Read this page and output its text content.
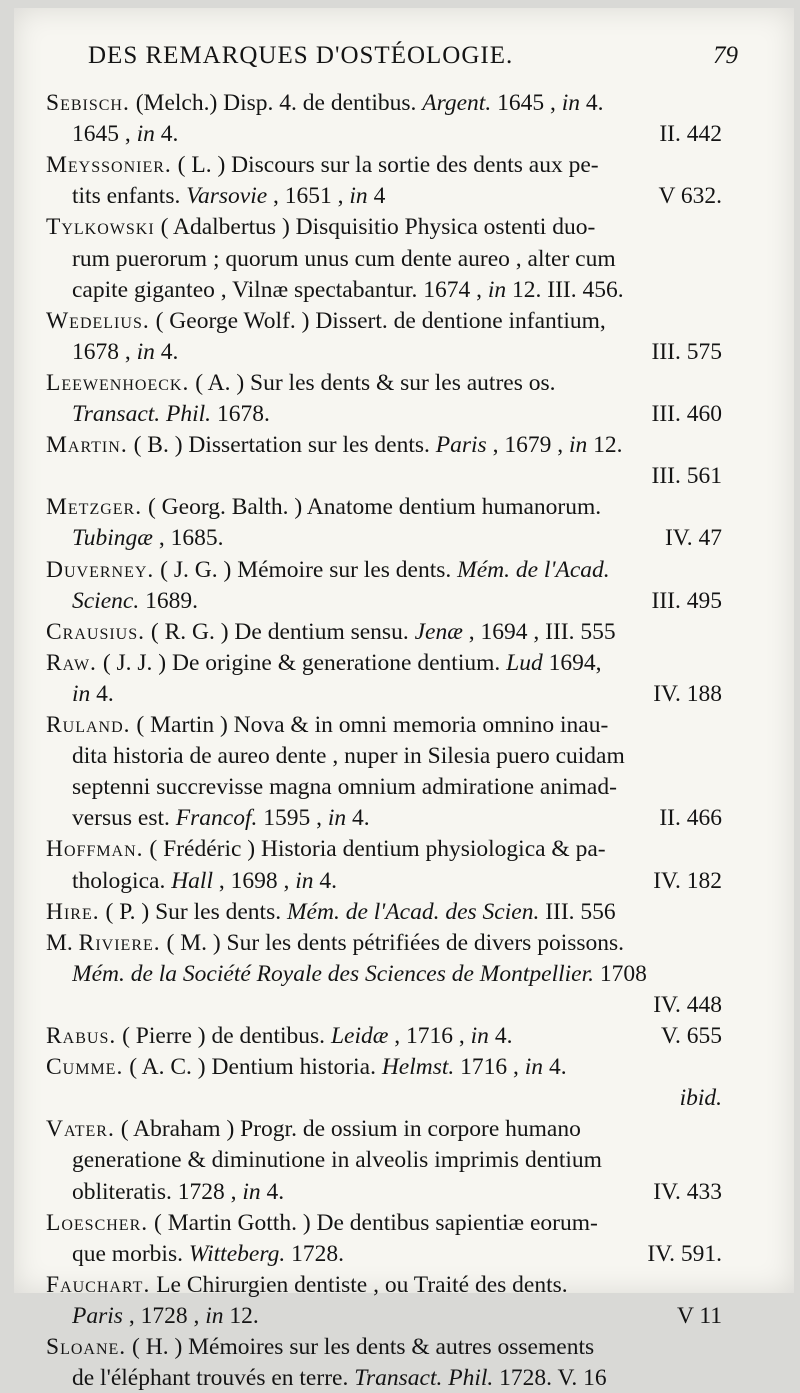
DES REMARQUES D'OSTÉOLOGIE.	79
Sebisch. (Melch.) Disp. 4. de dentibus. Argent. 1645 , in 4.
1645 , in 4.	II. 442
Meyssonier. ( L. ) Discours sur la sortie des dents aux pe-
tits enfants. Varsovie , 1651 , in 4	V 632.
Tylkowski ( Adalbertus ) Disquisitio Physica ostenti duo-
rum puerorum ; quorum unus cum dente aureo , alter cum
capite giganteo , Vilnæ spectabantur. 1674 , in 12. III. 456.
Wedelius. ( George Wolf. ) Dissert. de dentione infantium,
1678 , in 4.	III. 575
Leewenhoeck. ( A. ) Sur les dents & sur les autres os.
Transact. Phil. 1678.	III. 460
Martin. ( B. ) Dissertation sur les dents. Paris , 1679 , in 12.
III. 561
Metzger. ( Georg. Balth. ) Anatome dentium humanorum.
Tubingæ , 1685.	IV. 47
Duverney. ( J. G. ) Mémoire sur les dents. Mém. de l'Acad.
Scienc. 1689.	III. 495
Crausius. ( R. G. ) De dentium sensu. Jenæ , 1694 , III. 555
Raw. ( J. J. ) De origine & generatione dentium. Lud 1694,
in 4.	IV. 188
Ruland. ( Martin ) Nova & in omni memoria omnino inau-
dita historia de aureo dente , nuper in Silesia puero cuidam
septenni succrevisse magna omnium admiratione animad-
versus est. Francof. 1595 , in 4.	II. 466
Hoffman. ( Frédéric ) Historia dentium physiologica & pa-
thologica. Hall , 1698 , in 4.	IV. 182
Hire. ( P. ) Sur les dents. Mém. de l'Acad. des Scien. III. 556
M. Riviere. ( M. ) Sur les dents pétrifiées de divers poissons.
Mém. de la Société Royale des Sciences de Montpellier. 1708
IV. 448
Rabus. ( Pierre ) de dentibus. Leidæ , 1716 , in 4.	V. 655
Cumme. ( A. C. ) Dentium historia. Helmst. 1716 , in 4.
ibid.
Vater. ( Abraham ) Progr. de ossium in corpore humano
generatione & diminutione in alveolis imprimis dentium
obliteratis. 1728 , in 4.	IV. 433
Loescher. ( Martin Gotth. ) De dentibus sapientiæ eorum-
que morbis. Witteberg. 1728.	IV. 591.
Fauchart. Le Chirurgien dentiste , ou Traité des dents.
Paris , 1728 , in 12.	V 11
Sloane. ( H. ) Mémoires sur les dents & autres ossements
de l'éléphant trouvés en terre. Transact. Phil. 1728. V. 16
